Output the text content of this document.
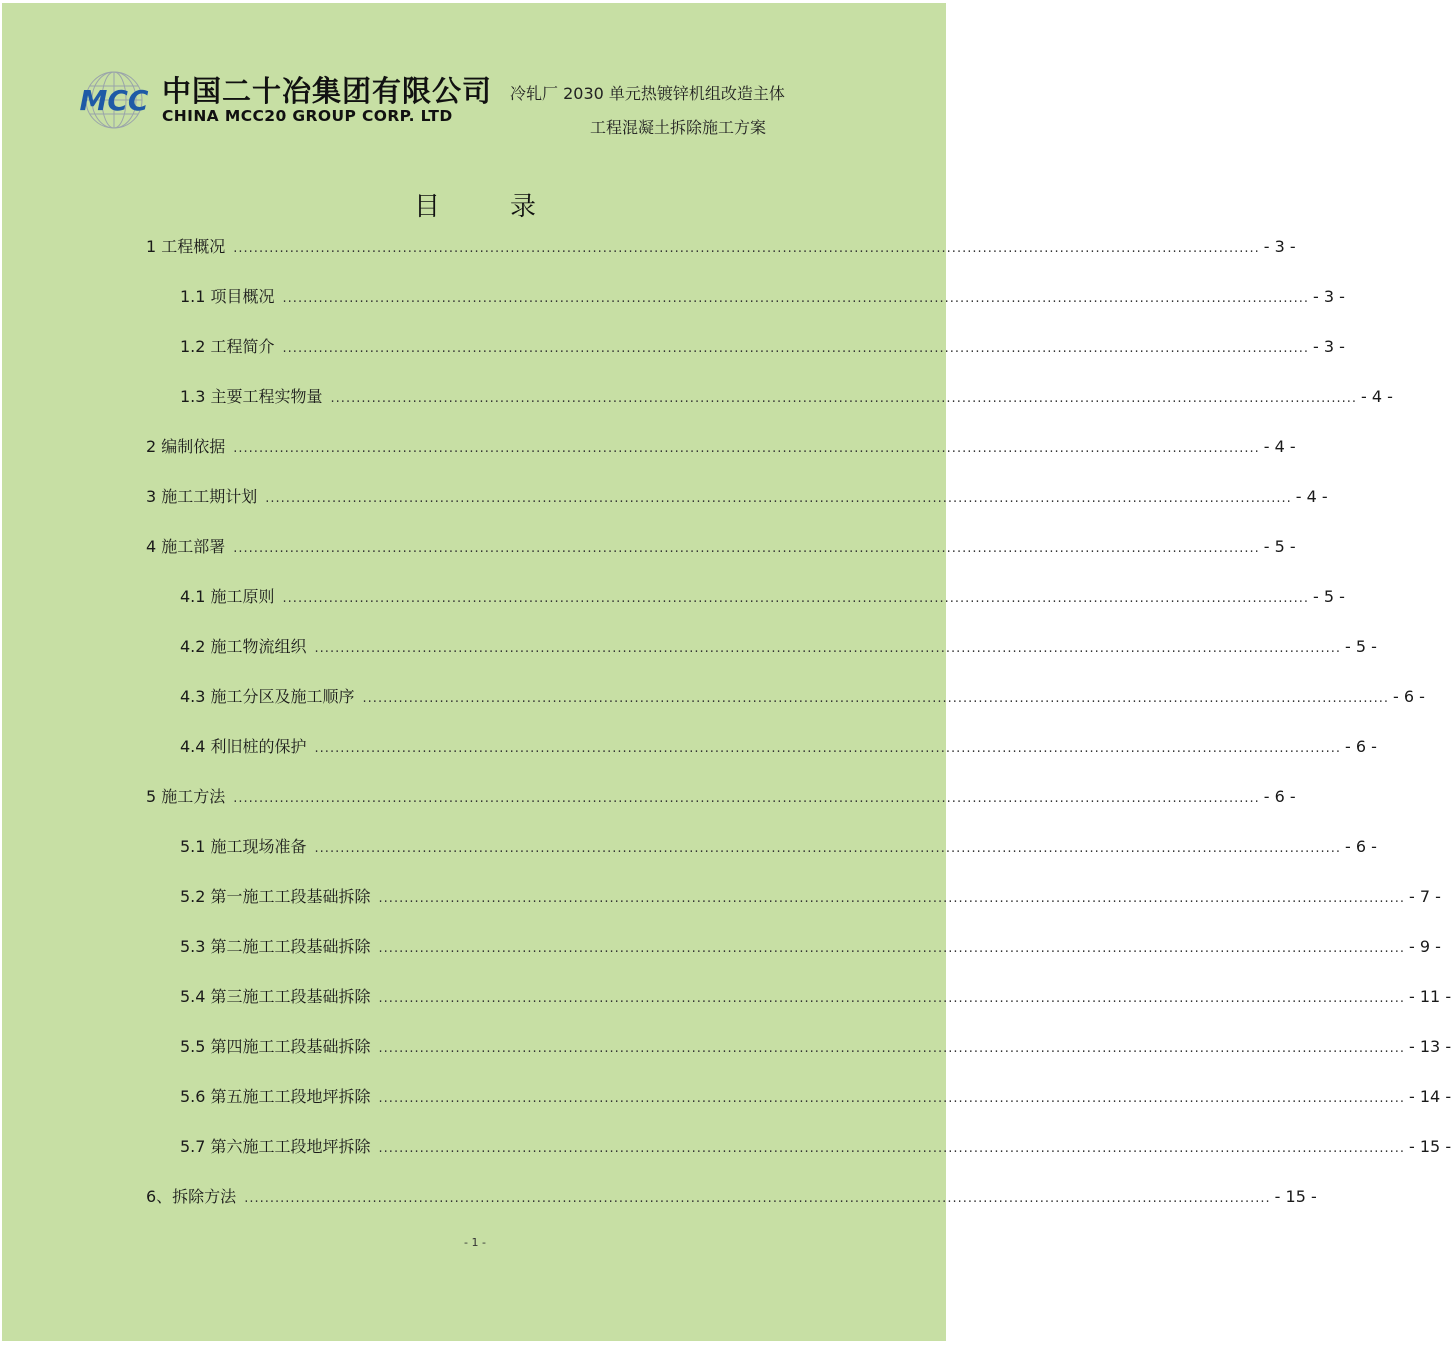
MCC 中国二十冶集团有限公司
CHINA MCC20 GROUP CORP. LTD
冷轧厂 2030 单元热镀锌机组改造主体
工程混凝土拆除施工方案
目录
1 工程概况 ........................................................................................................................................................................................................ - 3 -
1.1 项目概况 ........................................................................................................................................................................................................ - 3 -
1.2 工程简介 ........................................................................................................................................................................................................ - 3 -
1.3 主要工程实物量 ........................................................................................................................................................................................................ - 4 -
2 编制依据 ........................................................................................................................................................................................................ - 4 -
3 施工工期计划 ........................................................................................................................................................................................................ - 4 -
4 施工部署 ........................................................................................................................................................................................................ - 5 -
4.1 施工原则 ........................................................................................................................................................................................................ - 5 -
4.2 施工物流组织 ........................................................................................................................................................................................................ - 5 -
4.3 施工分区及施工顺序 ........................................................................................................................................................................................................ - 6 -
4.4 利旧桩的保护 ........................................................................................................................................................................................................ - 6 -
5 施工方法 ........................................................................................................................................................................................................ - 6 -
5.1 施工现场准备 ........................................................................................................................................................................................................ - 6 -
5.2 第一施工工段基础拆除 ........................................................................................................................................................................................................ - 7 -
5.3 第二施工工段基础拆除 ........................................................................................................................................................................................................ - 9 -
5.4 第三施工工段基础拆除 ........................................................................................................................................................................................................ - 11 -
5.5 第四施工工段基础拆除 ........................................................................................................................................................................................................ - 13 -
5.6 第五施工工段地坪拆除 ........................................................................................................................................................................................................ - 14 -
5.7 第六施工工段地坪拆除 ........................................................................................................................................................................................................ - 15 -
6、拆除方法 ........................................................................................................................................................................................................ - 15 -
- 1 -
